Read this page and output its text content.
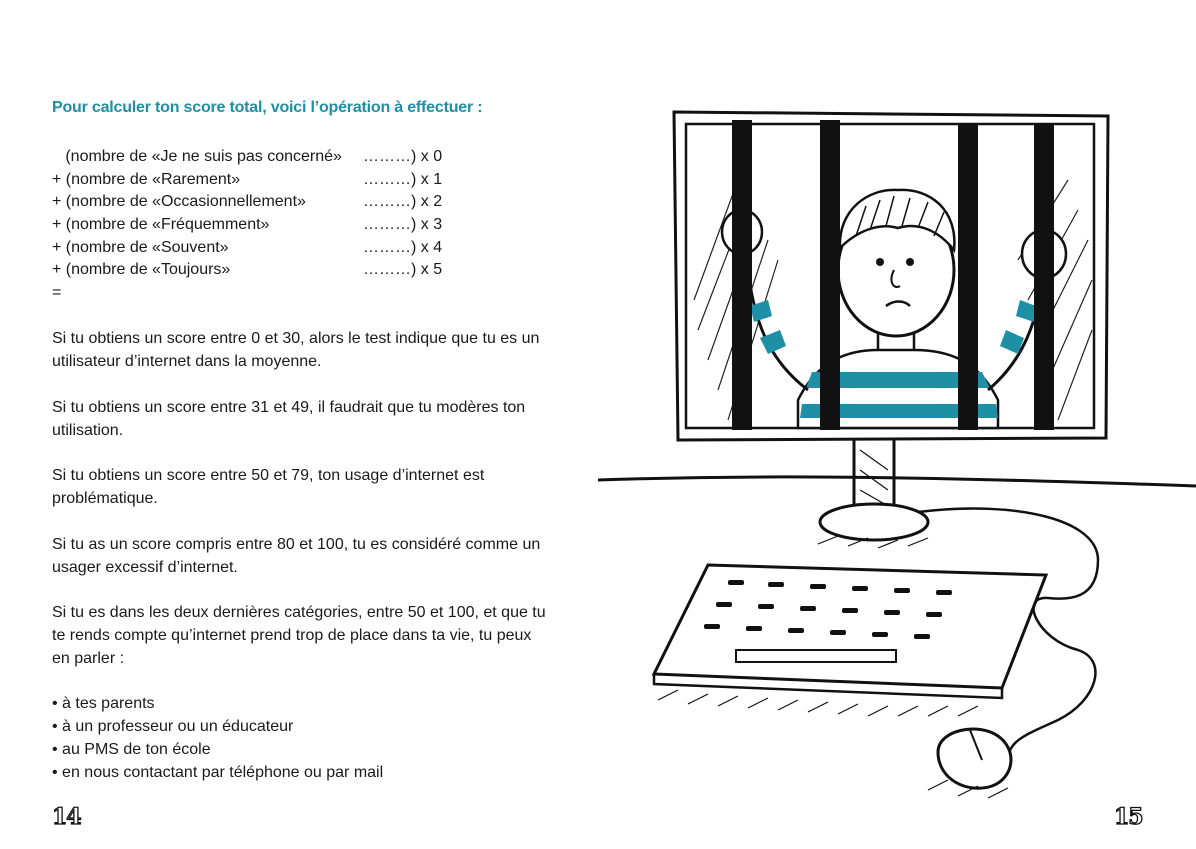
Pour calculer ton score total, voici l’opération à effectuer :
(nombre de «Je ne suis pas concerné» ………) x 0
+ (nombre de «Rarement»	………) x 1
+ (nombre de «Occasionnellement»	………) x 2
+ (nombre de «Fréquemment»	………) x 3
+ (nombre de «Souvent»	………) x 4
+ (nombre de «Toujours»	………) x 5
=
Si tu obtiens un score entre 0 et 30, alors le test indique que tu es un utilisateur d’internet dans la moyenne.
Si tu obtiens un score entre 31 et 49, il faudrait que tu modères ton utilisation.
Si tu obtiens un score entre 50 et 79, ton usage d’internet est problématique.
Si tu as un score compris entre 80 et 100, tu es considéré comme un usager excessif d’internet.
Si tu es dans les deux dernières catégories, entre 50 et 100, et que tu te rends compte qu’internet prend trop de place dans ta vie, tu peux en parler :
• à tes parents
• à un professeur ou un éducateur
• au PMS de ton école
• en nous contactant par téléphone ou par mail
14	15
